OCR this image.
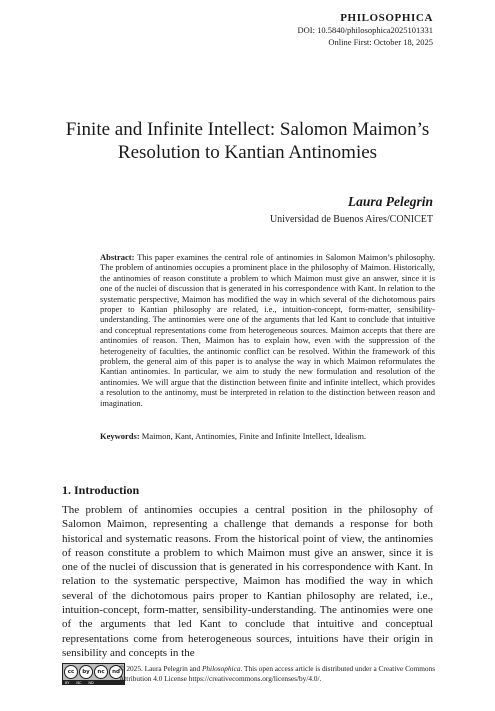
PHILOSOPHICA
DOI: 10.5840/philosophica2025101331
Online First: October 18, 2025
Finite and Infinite Intellect: Salomon Maimon’s Resolution to Kantian Antinomies
Laura Pelegrin
Universidad de Buenos Aires/CONICET
Abstract: This paper examines the central role of antinomies in Salomon Maimon’s philosophy. The problem of antinomies occupies a prominent place in the philosophy of Maimon. Historically, the antinomies of reason constitute a problem to which Maimon must give an answer, since it is one of the nuclei of discussion that is generated in his correspondence with Kant. In relation to the systematic perspective, Maimon has modified the way in which several of the dichotomous pairs proper to Kantian philosophy are related, i.e., intuition-concept, form-matter, sensibility-understanding. The antinomies were one of the arguments that led Kant to conclude that intuitive and conceptual representations come from heterogeneous sources. Maimon accepts that there are antinomies of reason. Then, Maimon has to explain how, even with the suppression of the heterogeneity of faculties, the antinomic conflict can be resolved. Within the framework of this problem, the general aim of this paper is to analyse the way in which Maimon reformulates the Kantian antinomies. In particular, we aim to study the new formulation and resolution of the antinomies. We will argue that the distinction between finite and infinite intellect, which provides a resolution to the antinomy, must be interpreted in relation to the distinction between reason and imagination.
Keywords: Maimon, Kant, Antinomies, Finite and Infinite Intellect, Idealism.
1. Introduction

The problem of antinomies occupies a central position in the philosophy of Salomon Maimon, representing a challenge that demands a response for both historical and systematic reasons. From the historical point of view, the antinomies of reason constitute a problem to which Maimon must give an answer, since it is one of the nuclei of discussion that is generated in his correspondence with Kant. In relation to the systematic perspective, Maimon has modified the way in which several of the dichotomous pairs proper to Kantian philosophy are related, i.e., intuition-concept, form-matter, sensibility-understanding. The antinomies were one of the arguments that led Kant to conclude that intuitive and conceptual representations come from heterogeneous sources, intuitions have their origin in sensibility and concepts in the

cc	by	nc	nd
BY NC ND
© 2025. Laura Pelegrin and Philosophica. This open access article is distributed under a Creative Commons Attribution 4.0 License https://creativecommons.org/licenses/by/4.0/.
